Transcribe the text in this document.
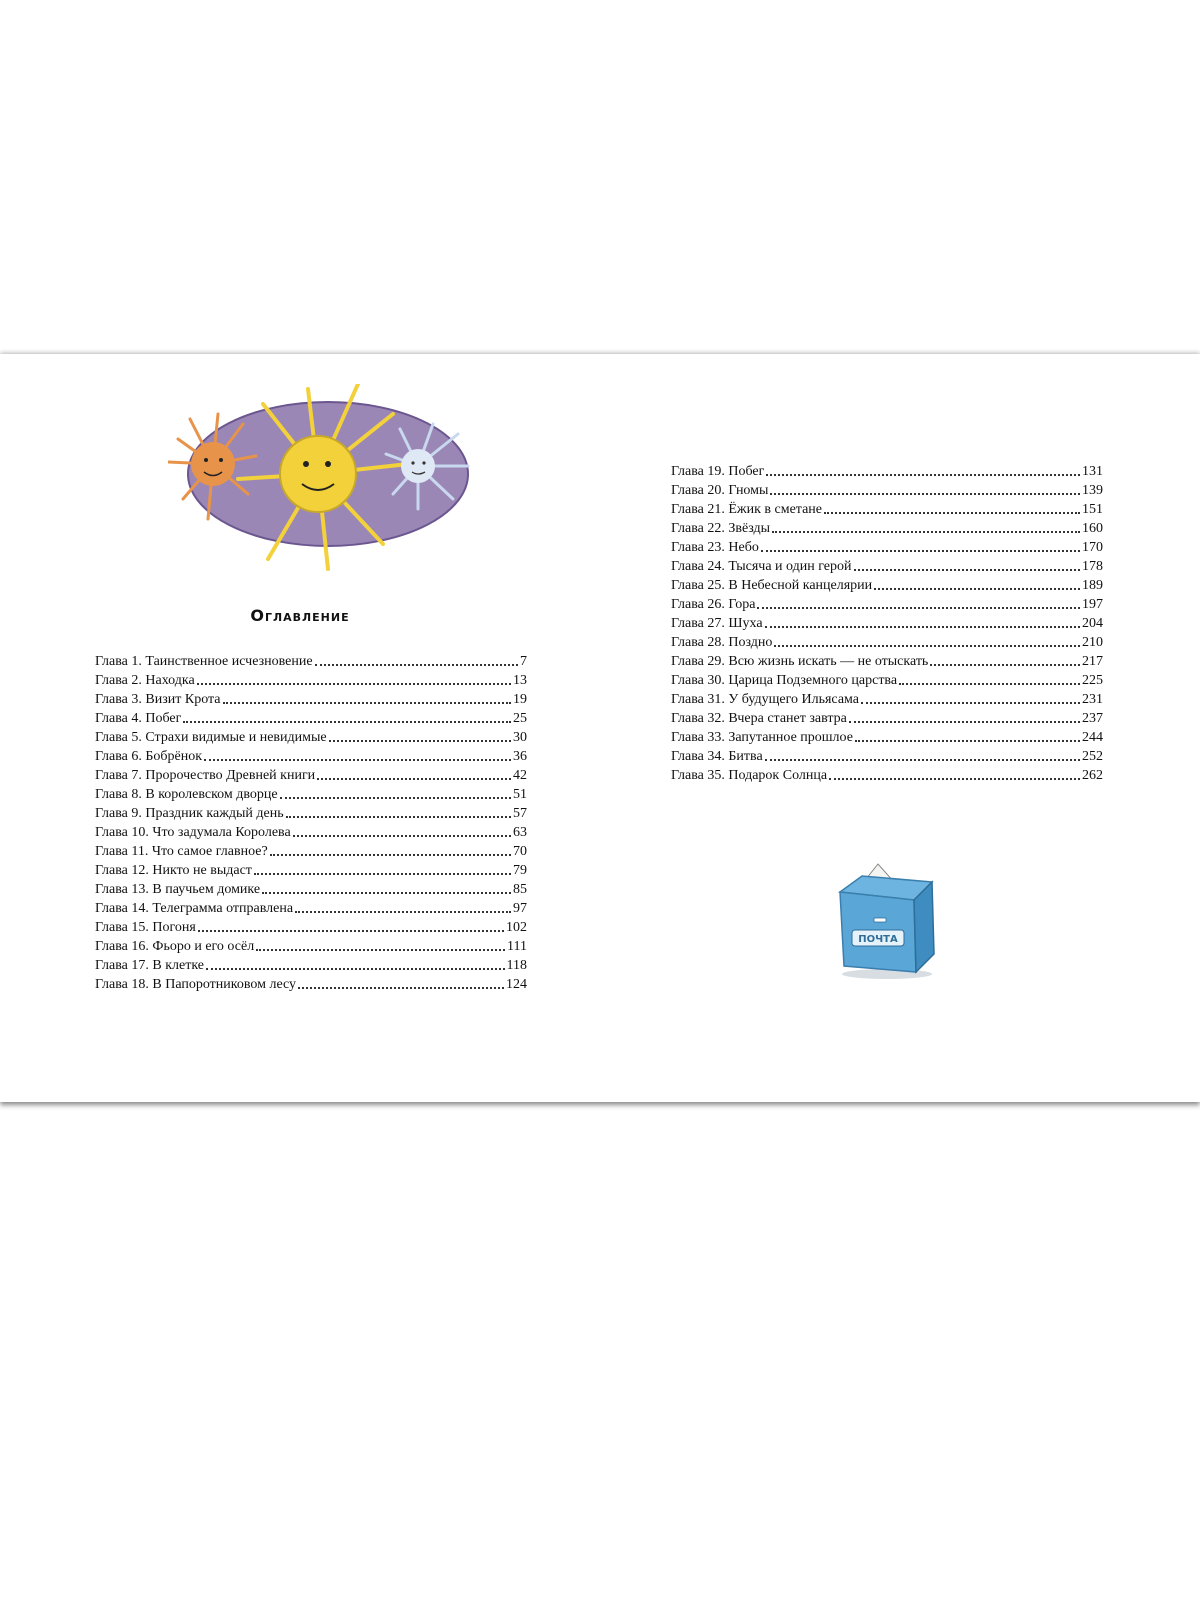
Оглавление
Глава 1. Таинственное исчезновение	7
Глава 2. Находка	13
Глава 3. Визит Крота	19
Глава 4. Побег	25
Глава 5. Страхи видимые и невидимые	30
Глава 6. Бобрёнок	36
Глава 7. Пророчество Древней книги	42
Глава 8. В королевском дворце	51
Глава 9. Праздник каждый день	57
Глава 10. Что задумала Королева	63
Глава 11. Что самое главное?	70
Глава 12. Никто не выдаст	79
Глава 13. В паучьем домике	85
Глава 14. Телеграмма отправлена	97
Глава 15. Погоня	102
Глава 16. Фьоро и его осёл	111
Глава 17. В клетке	118
Глава 18. В Папоротниковом лесу	124
Глава 19. Побег	131
Глава 20. Гномы	139
Глава 21. Ёжик в сметане	151
Глава 22. Звёзды	160
Глава 23. Небо	170
Глава 24. Тысяча и один герой	178
Глава 25. В Небесной канцелярии	189
Глава 26. Гора	197
Глава 27. Шуха	204
Глава 28. Поздно	210
Глава 29. Всю жизнь искать — не отыскать	217
Глава 30. Царица Подземного царства	225
Глава 31. У будущего Ильясама	231
Глава 32. Вчера станет завтра	237
Глава 33. Запутанное прошлое	244
Глава 34. Битва	252
Глава 35. Подарок Солнца	262
ПОЧТА
